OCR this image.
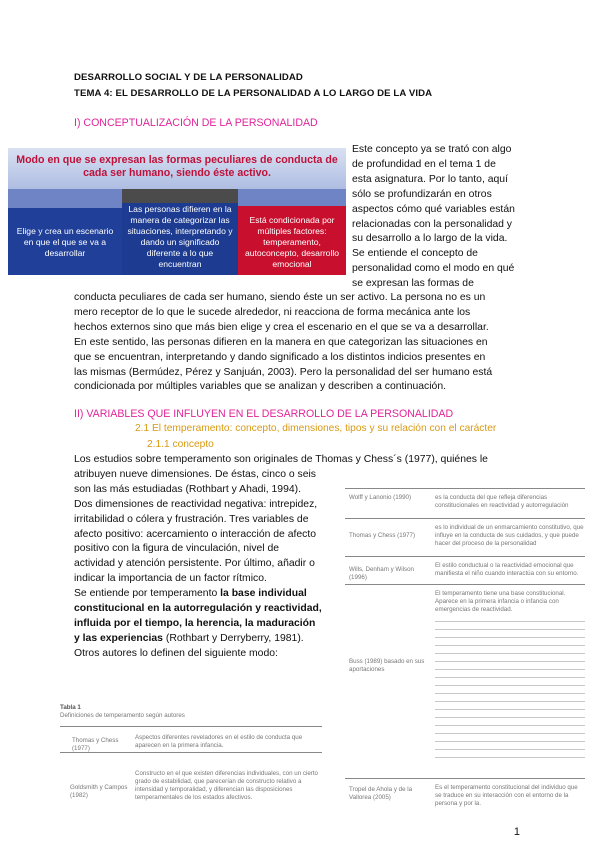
DESARROLLO SOCIAL Y DE LA PERSONALIDAD
TEMA 4: EL DESARROLLO DE LA PERSONALIDAD A LO LARGO DE LA VIDA
I) CONCEPTUALIZACIÓN DE LA PERSONALIDAD
Modo en que se expresan las formas peculiares de conducta de cada ser humano, siendo éste activo.
Elige y crea un escenario en que el que se va a desarrollar
Las personas difieren en la manera de categorizar las situaciones, interpretando y dando un significado diferente a lo que encuentran
Está condicionada por múltiples factores: temperamento, autoconcepto, desarrollo emocional

Este concepto ya se trató con algo

de profundidad en el tema 1 de

esta asignatura. Por lo tanto, aquí

sólo se profundizarán en otros

aspectos cómo qué variables están

relacionadas con la personalidad y

su desarrollo a lo largo de la vida.

Se entiende el concepto de

personalidad como el modo en qué

se expresan las formas de

conducta peculiares de cada ser humano, siendo éste un ser activo. La persona no es un

mero receptor de lo que le sucede alrededor, ni reacciona de forma mecánica ante los

hechos externos sino que más bien elige y crea el escenario en el que se va a desarrollar.

En este sentido, las personas difieren en la manera en que categorizan las situaciones en

que se encuentran, interpretando y dando significado a los distintos indicios presentes en

las mismas (Bermúdez, Pérez y Sanjuán, 2003). Pero la personalidad del ser humano está

condicionada por múltiples variables que se analizan y describen a continuación.

II) VARIABLES QUE INFLUYEN EN EL DESARROLLO DE LA PERSONALIDAD
2.1 El temperamento: concepto, dimensiones, tipos y su relación con el carácter
2.1.1 concepto

Los estudios sobre temperamento son originales de Thomas y Chess´s (1977), quiénes le

atribuyen nueve dimensiones. De éstas, cinco o seis

son las más estudiadas (Rothbart y Ahadi, 1994).

Dos dimensiones de reactividad negativa: intrepidez,

irritabilidad o cólera y frustración. Tres variables de

afecto positivo: acercamiento o interacción de afecto

positivo con la figura de vinculación, nivel de

actividad y atención persistente. Por último, añadir o

indicar la importancia de un factor rítmico.

Se entiende por temperamento la base individual

constitucional en la autorregulación y reactividad,

influida por el tiempo, la herencia, la maduración

y las experiencias (Rothbart y Derryberry, 1981).

Otros autores lo definen del siguiente modo:

Wolff y Lanonio (1990)	es la conducta del que refleja diferencias constitucionales en reactividad y autorregulación
Thomas y Chess (1977)
es lo individual de un enmarcamiento constitutivo, que influye en la conducta de sus cuidados, y que puede hacer del proceso de la personalidad
Wills, Denham y Wilson (1996)
El estilo conductual o la reactividad emocional que manifiesta el niño cuando interactúa con su entorno.
Buss (1989) basado en sus aportaciones
El temperamento tiene una base constitucional. Aparece en la primera infancia o infancia con emergencias de reactividad.
Tropel de Ahola y de la Vallorea (2005)
Es el temperamento constitucional del individuo que se traduce en su interacción con el entorno de la persona y por la.
Tabla 1
Definiciones de temperamento según autores
Thomas y Chess (1977)
Aspectos diferentes reveladores en el estilo de conducta que aparecen en la primera infancia.
Goldsmith y Campos (1982)
Constructo en el que existen diferencias individuales, con un cierto grado de estabilidad, que parecerían de constructo relativo a intensidad y temporalidad, y diferencian las disposiciones temperamentales de los estados afectivos.
1
